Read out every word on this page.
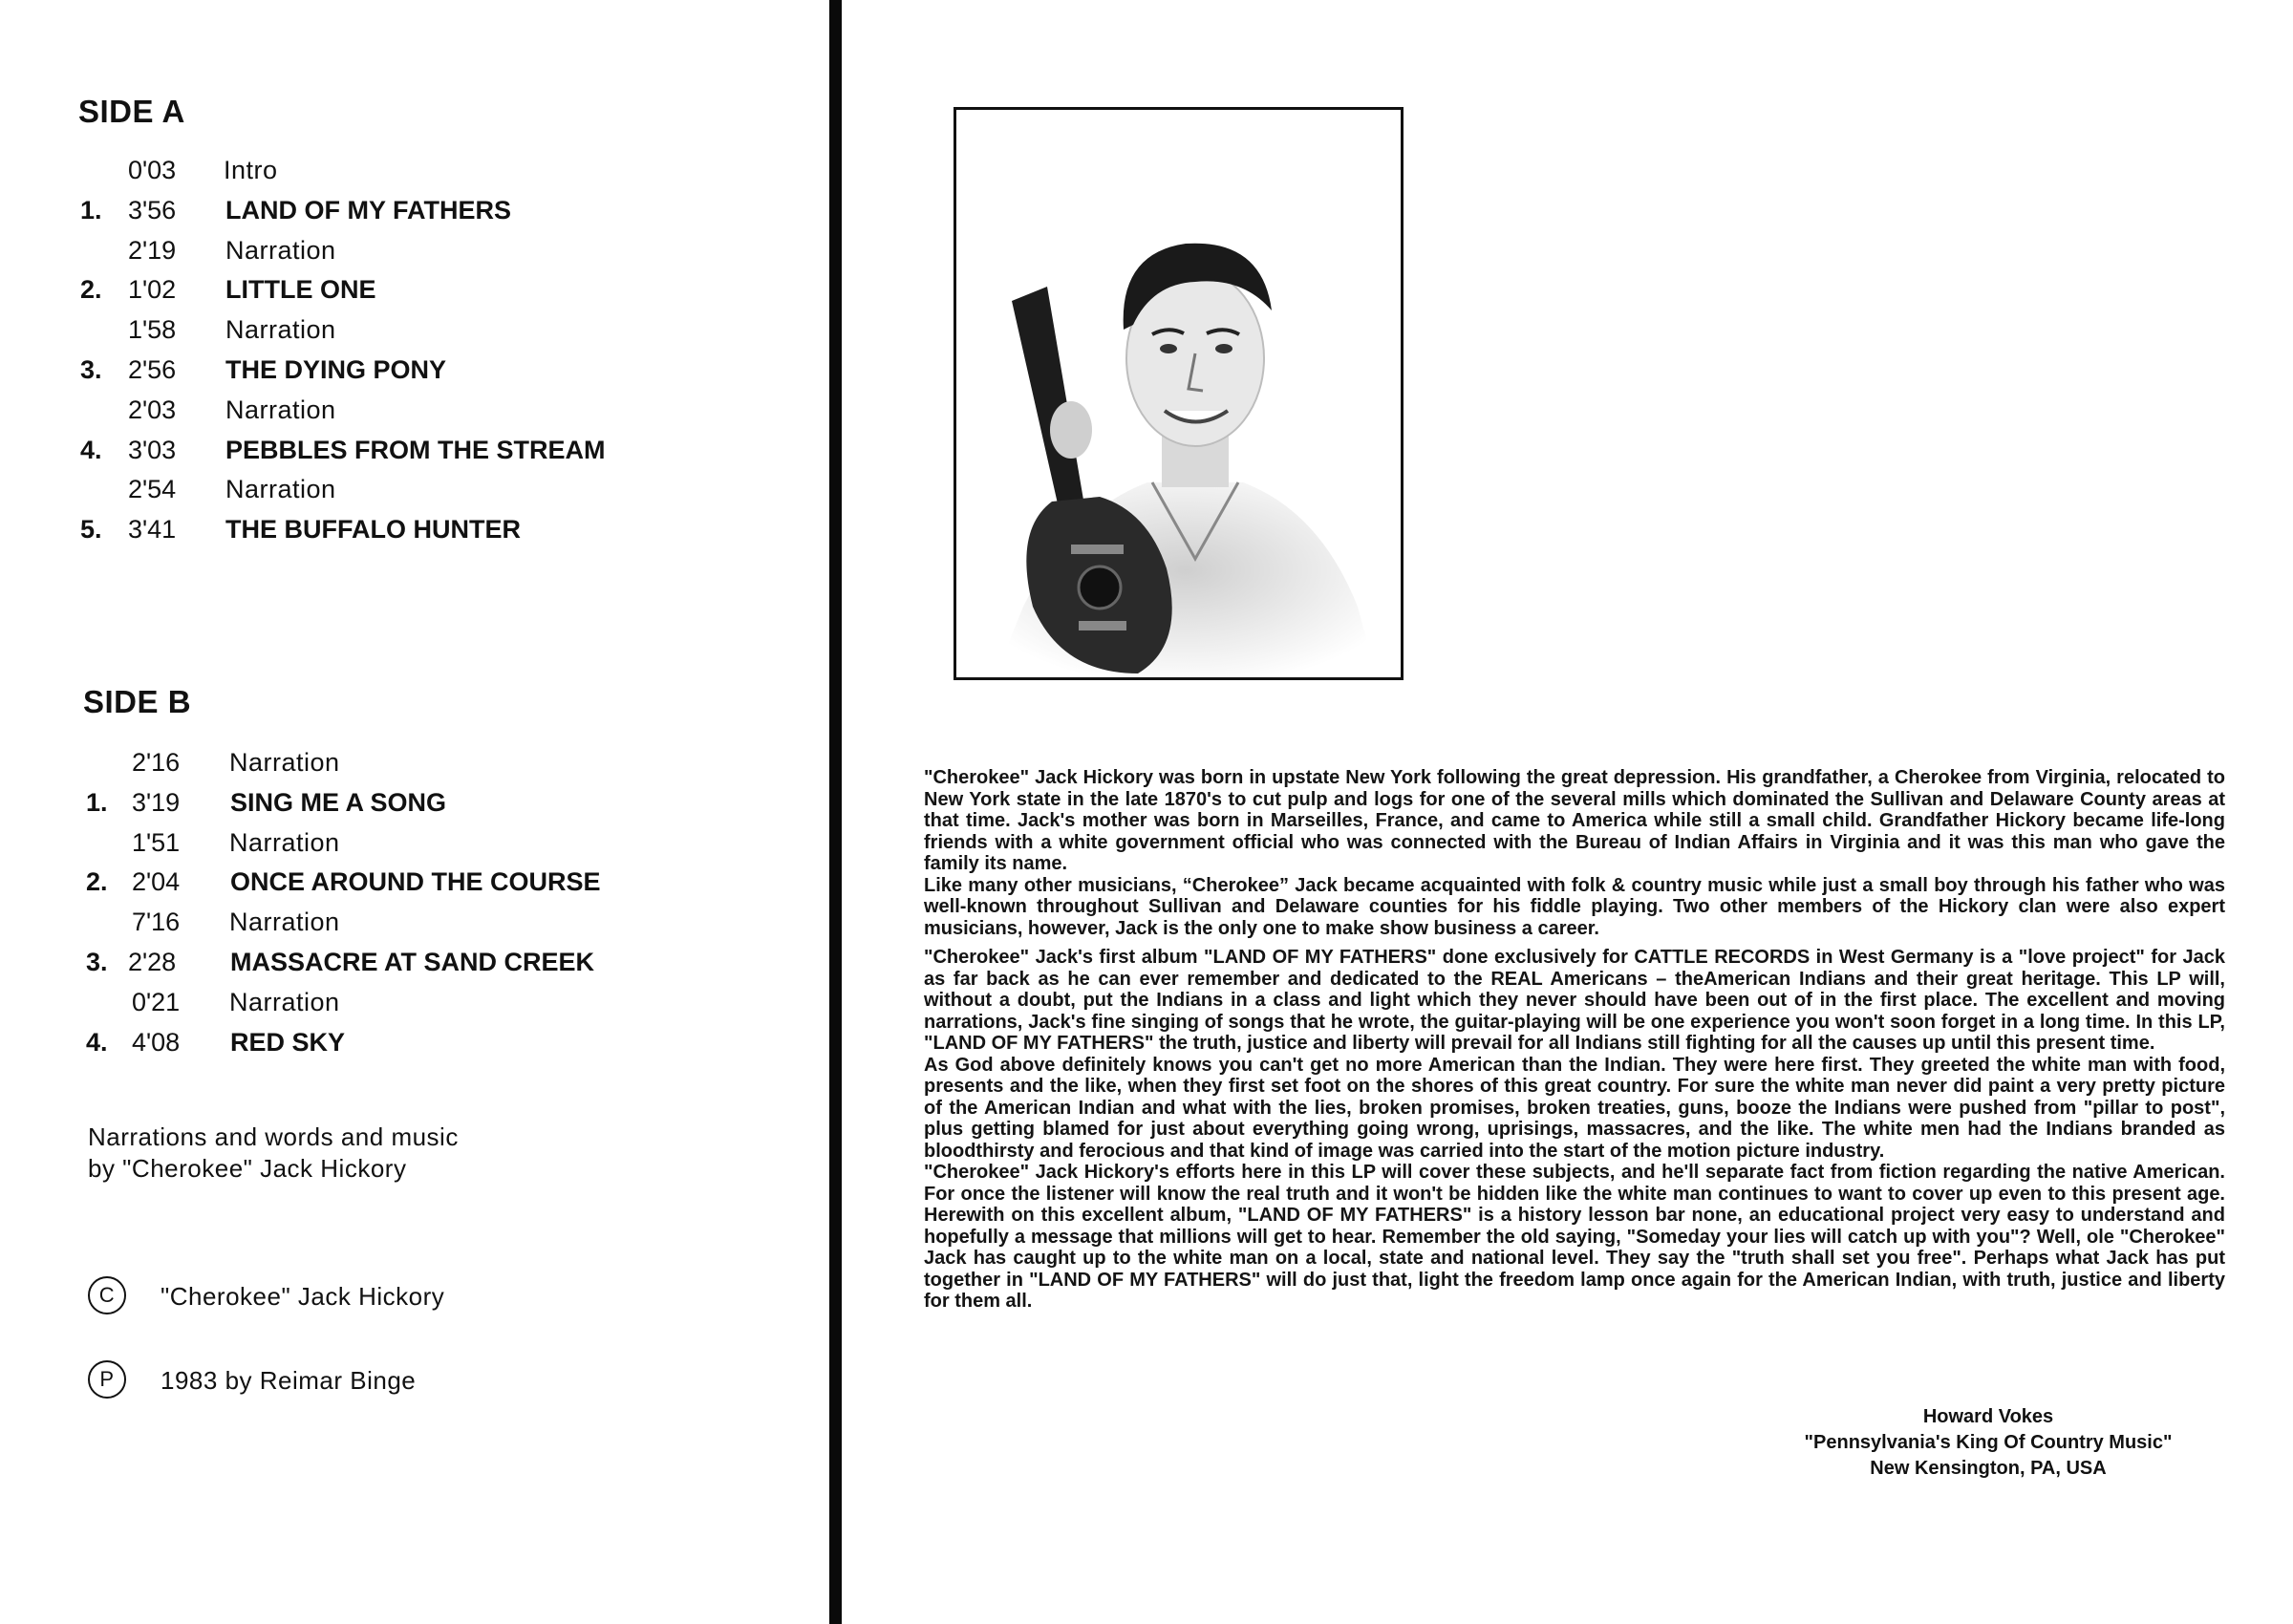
SIDE A
0'03 Intro
1.	3'56 LAND OF MY FATHERS
2'19 Narration
2.	1'02 LITTLE ONE
1'58 Narration
3.	2'56 THE DYING PONY
2'03 Narration
4.	3'03 PEBBLES FROM THE STREAM
2'54 Narration
5.	3'41 THE BUFFALO HUNTER
SIDE B
2'16 Narration
1. 3'19 SING ME A SONG
1'51 Narration
2. 2'04 ONCE AROUND THE COURSE
7'16 Narration
3. 2'28 MASSACRE AT SAND CREEK
0'21 Narration
4. 4'08 RED SKY
Narrations and words and music
by "Cherokee" Jack Hickory
C	"Cherokee" Jack Hickory
P	1983 by Reimar Binge

"Cherokee" Jack Hickory was born in upstate New York following the great depression. His grandfather, a Cherokee from Virginia, relocated to New York state in the late 1870's to cut pulp and logs for one of the several mills which dominated the Sullivan and Delaware County areas at that time. Jack's mother was born in Marseilles, France, and came to America while still a small child. Grandfather Hickory became life-long friends with a white government official who was connected with the Bureau of Indian Affairs in Virginia and it was this man who gave the family its name.

Like many other musicians, “Cherokee” Jack became acquainted with folk & country music while just a small boy through his father who was well-known throughout Sullivan and Delaware counties for his fiddle playing. Two other members of the Hickory clan were also expert musicians, however, Jack is the only one to make show business a career.

"Cherokee" Jack's first album "LAND OF MY FATHERS" done exclusively for CATTLE RECORDS in West Germany is a "love project" for Jack as far back as he can ever remember and dedicated to the REAL Americans – theAmerican Indians and their great heritage. This LP will, without a doubt, put the Indians in a class and light which they never should have been out of in the first place. The excellent and moving narrations, Jack's fine singing of songs that he wrote, the guitar-playing will be one experience you won't soon forget in a long time. In this LP, "LAND OF MY FATHERS" the truth, justice and liberty will prevail for all Indians still fighting for all the causes up until this present time.

As God above definitely knows you can't get no more American than the Indian. They were here first. They greeted the white man with food, presents and the like, when they first set foot on the shores of this great country. For sure the white man never did paint a very pretty picture of the American Indian and what with the lies, broken promises, broken treaties, guns, booze the Indians were pushed from "pillar to post", plus getting blamed for just about everything going wrong, uprisings, massacres, and the like. The white men had the Indians branded as bloodthirsty and ferocious and that kind of image was carried into the start of the motion picture industry.

"Cherokee" Jack Hickory's efforts here in this LP will cover these subjects, and he'll separate fact from fiction regarding the native American. For once the listener will know the real truth and it won't be hidden like the white man continues to want to cover up even to this present age. Herewith on this excellent album, "LAND OF MY FATHERS" is a history lesson bar none, an educational project very easy to understand and hopefully a message that millions will get to hear. Remember the old saying, "Someday your lies will catch up with you"? Well, ole "Cherokee" Jack has caught up to the white man on a local, state and national level. They say the "truth shall set you free". Perhaps what Jack has put together in "LAND OF MY FATHERS" will do just that, light the freedom lamp once again for the American Indian, with truth, justice and liberty for them all.

Howard Vokes
"Pennsylvania's King Of Country Music"
New Kensington, PA, USA
